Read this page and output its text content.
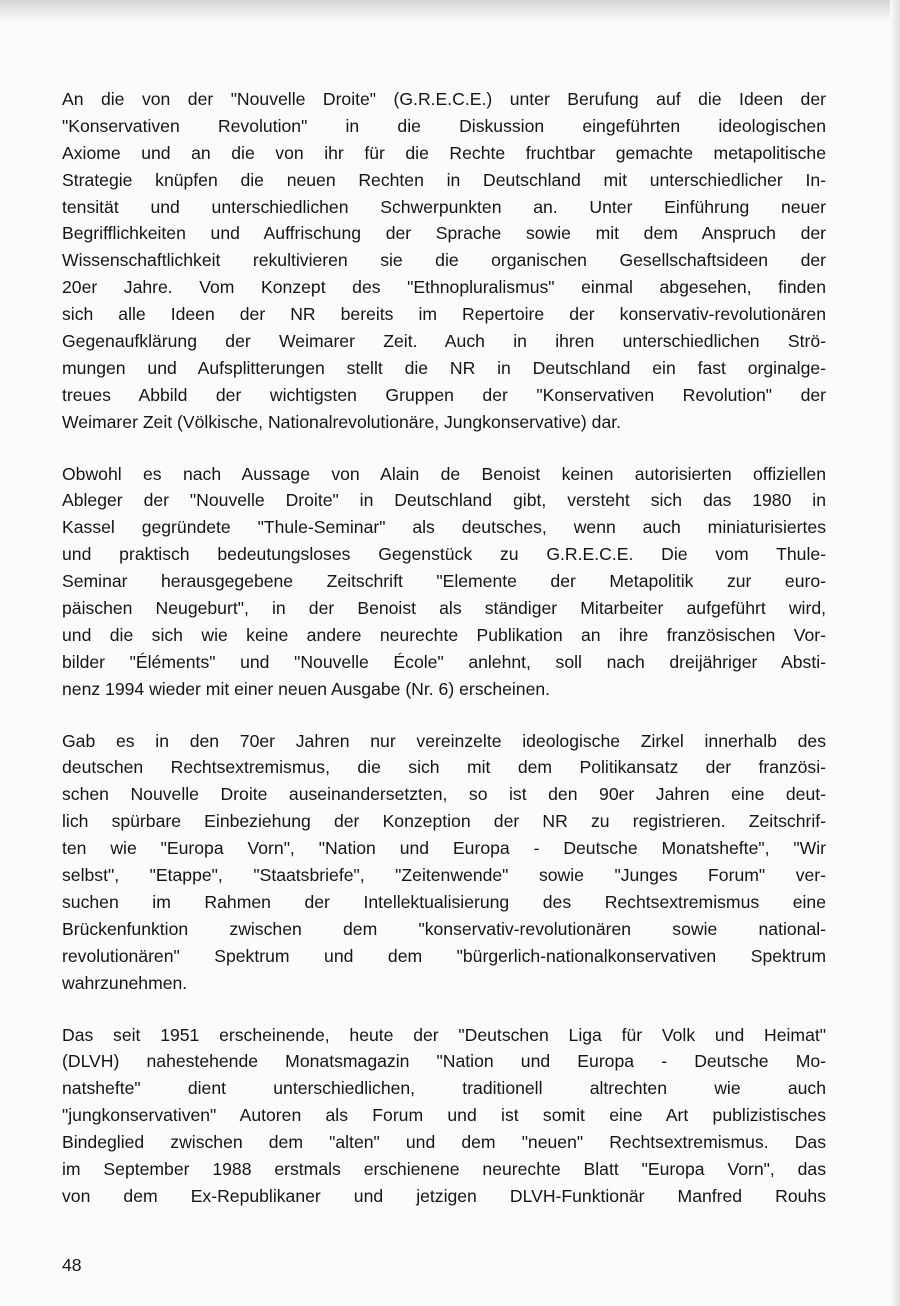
An die von der "Nouvelle Droite" (G.R.E.C.E.) unter Berufung auf die Ideen der
"Konservativen Revolution" in die Diskussion eingeführten ideologischen
Axiome und an die von ihr für die Rechte fruchtbar gemachte metapolitische
Strategie knüpfen die neuen Rechten in Deutschland mit unterschiedlicher In-
tensität und unterschiedlichen Schwerpunkten an. Unter Einführung neuer
Begrifflichkeiten und Auffrischung der Sprache sowie mit dem Anspruch der
Wissenschaftlichkeit rekultivieren sie die organischen Gesellschaftsideen der
20er Jahre. Vom Konzept des "Ethnopluralismus" einmal abgesehen, finden
sich alle Ideen der NR bereits im Repertoire der konservativ-revolutionären
Gegenaufklärung der Weimarer Zeit. Auch in ihren unterschiedlichen Strö-
mungen und Aufsplitterungen stellt die NR in Deutschland ein fast orginalge-
treues Abbild der wichtigsten Gruppen der "Konservativen Revolution" der
Weimarer Zeit (Völkische, Nationalrevolutionäre, Jungkonservative) dar.
Obwohl es nach Aussage von Alain de Benoist keinen autorisierten offiziellen
Ableger der "Nouvelle Droite" in Deutschland gibt, versteht sich das 1980 in
Kassel gegründete "Thule-Seminar" als deutsches, wenn auch miniaturisiertes
und praktisch bedeutungsloses Gegenstück zu G.R.E.C.E. Die vom Thule-
Seminar herausgegebene Zeitschrift "Elemente der Metapolitik zur euro-
päischen Neugeburt", in der Benoist als ständiger Mitarbeiter aufgeführt wird,
und die sich wie keine andere neurechte Publikation an ihre französischen Vor-
bilder "Éléments" und "Nouvelle École" anlehnt, soll nach dreijähriger Absti-
nenz 1994 wieder mit einer neuen Ausgabe (Nr. 6) erscheinen.
Gab es in den 70er Jahren nur vereinzelte ideologische Zirkel innerhalb des
deutschen Rechtsextremismus, die sich mit dem Politikansatz der französi-
schen Nouvelle Droite auseinandersetzten, so ist den 90er Jahren eine deut-
lich spürbare Einbeziehung der Konzeption der NR zu registrieren. Zeitschrif-
ten wie "Europa Vorn", "Nation und Europa - Deutsche Monatshefte", "Wir
selbst", "Etappe", "Staatsbriefe", "Zeitenwende" sowie "Junges Forum" ver-
suchen im Rahmen der Intellektualisierung des Rechtsextremismus eine
Brückenfunktion zwischen dem "konservativ-revolutionären sowie national-
revolutionären" Spektrum und dem "bürgerlich-nationalkonservativen Spektrum
wahrzunehmen.
Das seit 1951 erscheinende, heute der "Deutschen Liga für Volk und Heimat"
(DLVH) nahestehende Monatsmagazin "Nation und Europa - Deutsche Mo-
natshefte" dient unterschiedlichen, traditionell altrechten wie auch
"jungkonservativen" Autoren als Forum und ist somit eine Art publizistisches
Bindeglied zwischen dem "alten" und dem "neuen" Rechtsextremismus. Das
im September 1988 erstmals erschienene neurechte Blatt "Europa Vorn", das
von dem Ex-Republikaner und jetzigen DLVH-Funktionär Manfred Rouhs
48
